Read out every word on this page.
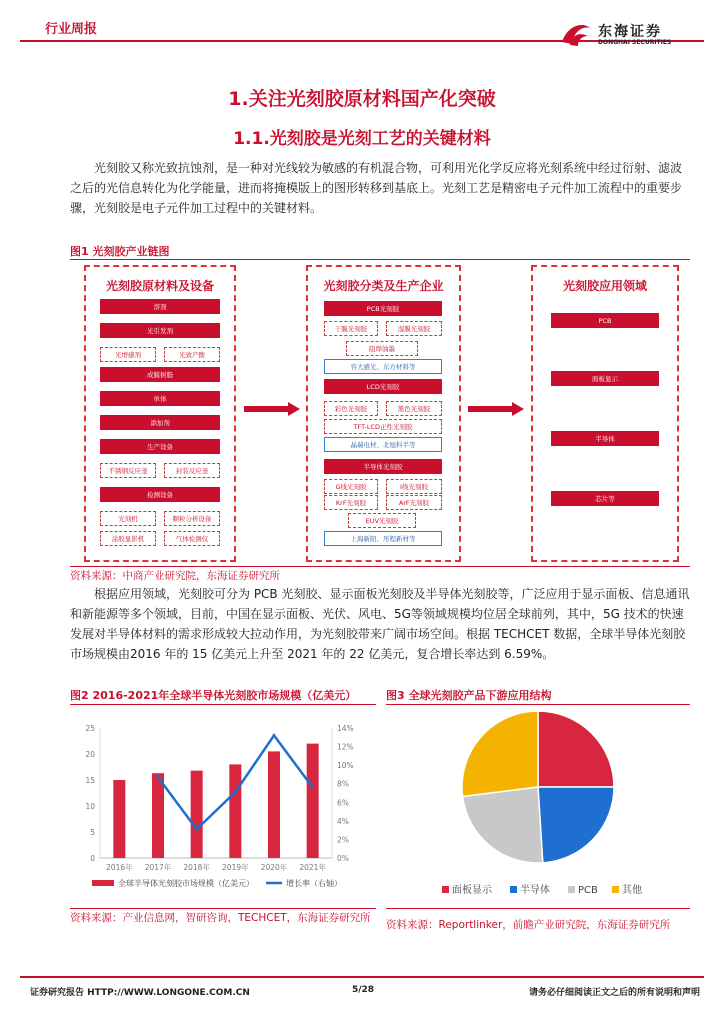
行业周报	东海证券
DONGHAI SECURITIES
1.关注光刻胶原材料国产化突破
1.1.光刻胶是光刻工艺的关键材料
光刻胶又称光致抗蚀剂，是一种对光线较为敏感的有机混合物，可利用光化学反应将光刻系统中经过衍射、滤波之后的光信息转化为化学能量，进而将掩模版上的图形转移到基底上。光刻工艺是精密电子元件加工流程中的重要步骤，光刻胶是电子元件加工过程中的关键材料。
图1 光刻胶产业链图
光刻胶原材料及设备
溶剂
光引发剂
光增感剂	光致产酸
成膜树脂
单体
添加剂
生产设备
不锈钢反应釜	封装反应釜
检测设备
光刻机	颗粒分析设备
涂胶显影机	气体检测仪
光刻胶分类及生产企业
PCB光刻胶
干膜光刻胶	湿膜光刻胶
阻焊油墨
容大感光、东方材料等
LCD光刻胶
彩色光刻胶	黑色光刻胶
TFT-LCD正性光刻胶
晶瑞电材、北旭科半等
半导体光刻胶
G线光刻胶	I线光刻胶
KrF光刻胶	ArF光刻胶
EUV光刻胶
上海新阳、彤程新材等
光刻胶应用领域
PCB
面板显示
半导体
芯片等
资料来源：中商产业研究院，东海证券研究所
根据应用领域，光刻胶可分为 PCB 光刻胶、显示面板光刻胶及半导体光刻胶等，广泛应用于显示面板、信息通讯和新能源等多个领域，目前，中国在显示面板、光伏、风电、5G等领域规模均位居全球前列，其中，5G 技术的快速发展对半导体材料的需求形成较大拉动作用，为光刻胶带来广阔市场空间。根据 TECHCET 数据，全球半导体光刻胶市场规模由2016 年的 15 亿美元上升至 2021 年的 22 亿美元，复合增长率达到 6.59%。
图2 2016-2021年全球半导体光刻胶市场规模（亿美元）
0
5
10
15
20
25
0%
2%
4%
6%
8%
10%
12%
14%
2016年 2017年 2018年 2019年 2020年 2021年
全球半导体光刻胶市场规模（亿美元）	增长率（右轴）
资料来源：产业信息网，智研咨询，TECHCET，东海证券研究所
图3 全球光刻胶产品下游应用结构
面板显示	半导体	PCB 其他
资料来源：Reportlinker，前瞻产业研究院，东海证券研究所
证券研究报告 HTTP://WWW.LONGONE.COM.CN	5/28	请务必仔细阅读正文之后的所有说明和声明
